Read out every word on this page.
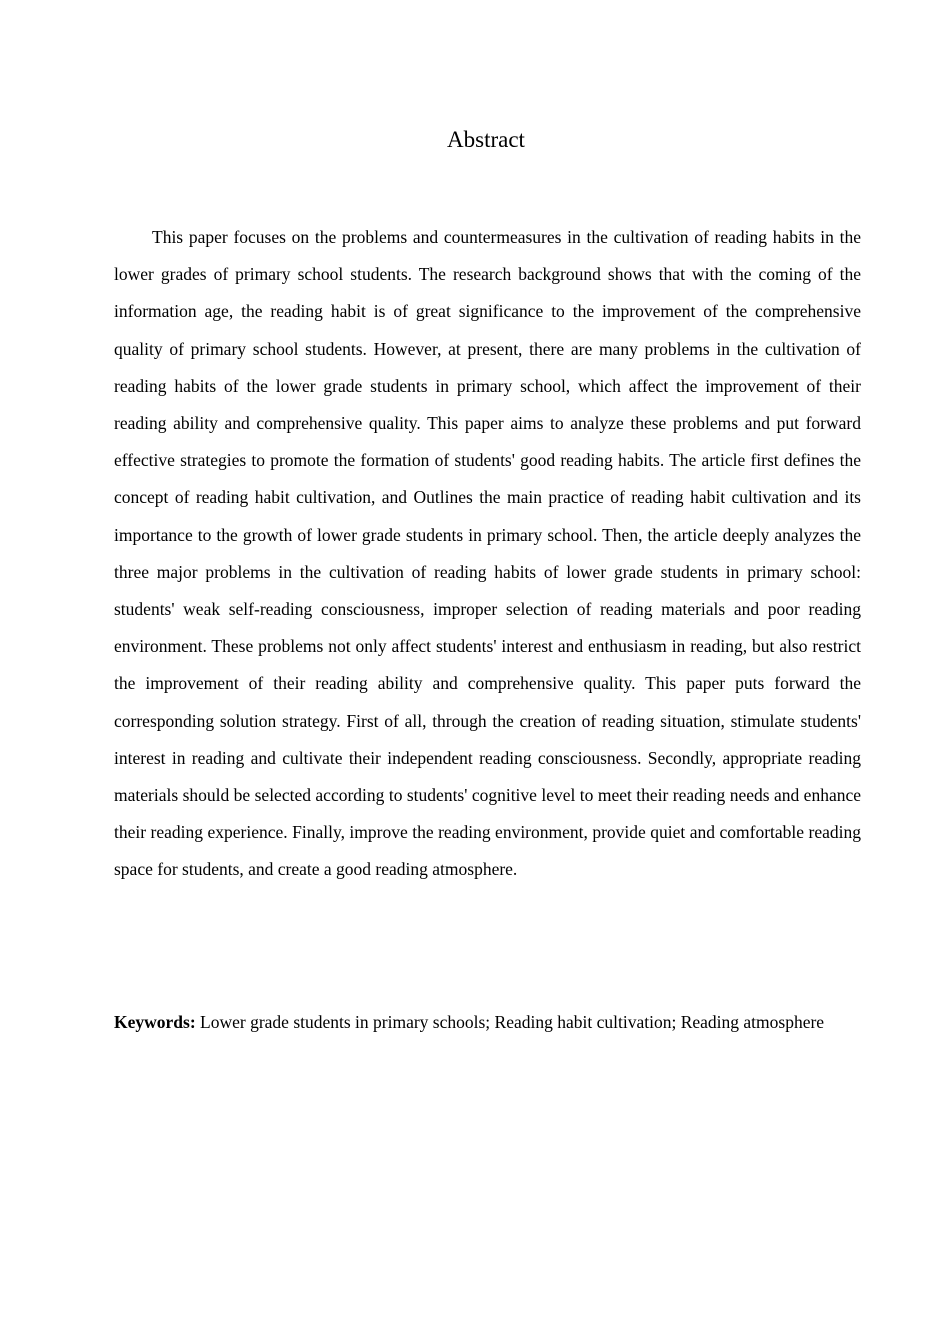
Abstract

This paper focuses on the problems and countermeasures in the cultivation of reading habits in the lower grades of primary school students. The research background shows that with the coming of the information age, the reading habit is of great significance to the improvement of the comprehensive quality of primary school students. However, at present, there are many problems in the cultivation of reading habits of the lower grade students in primary school, which affect the improvement of their reading ability and comprehensive quality. This paper aims to analyze these problems and put forward effective strategies to promote the formation of students' good reading habits. The article first defines the concept of reading habit cultivation, and Outlines the main practice of reading habit cultivation and its importance to the growth of lower grade students in primary school. Then, the article deeply analyzes the three major problems in the cultivation of reading habits of lower grade students in primary school: students' weak self-reading consciousness, improper selection of reading materials and poor reading environment. These problems not only affect students' interest and enthusiasm in reading, but also restrict the improvement of their reading ability and comprehensive quality. This paper puts forward the corresponding solution strategy. First of all, through the creation of reading situation, stimulate students' interest in reading and cultivate their independent reading consciousness. Secondly, appropriate reading materials should be selected according to students' cognitive level to meet their reading needs and enhance their reading experience. Finally, improve the reading environment, provide quiet and comfortable reading space for students, and create a good reading atmosphere.

Keywords: Lower grade students in primary schools; Reading habit cultivation; Reading atmosphere
